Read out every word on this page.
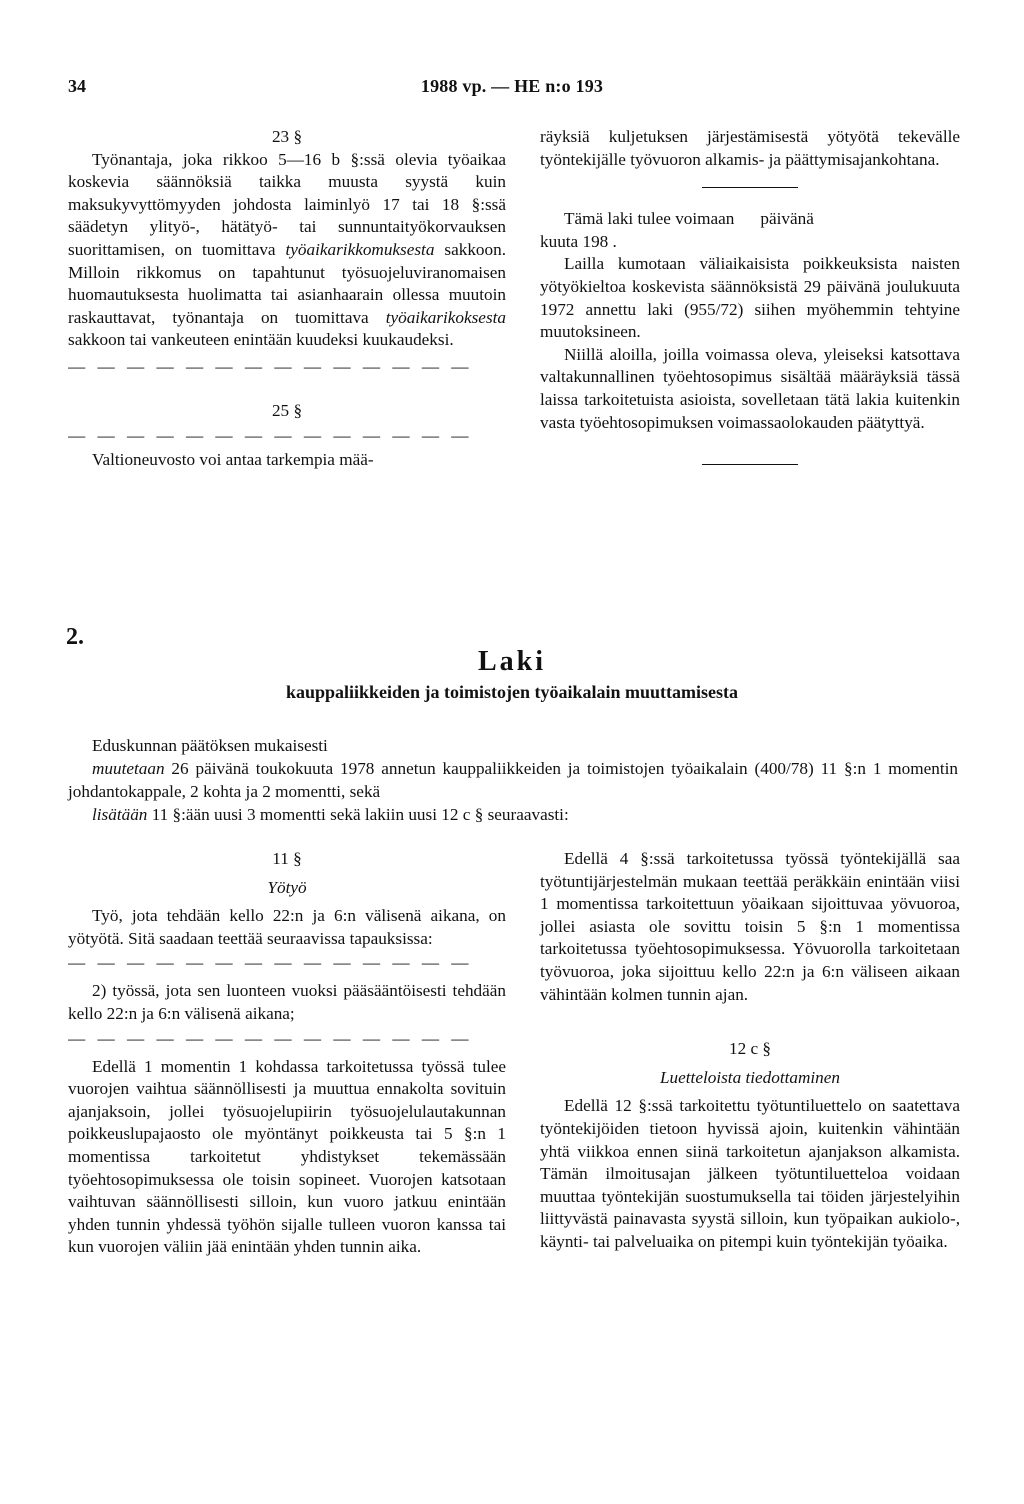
34	1988 vp. — HE n:o 193

23 §

Työnantaja, joka rikkoo 5—16 b §:ssä olevia työaikaa koskevia säännöksiä taikka muusta syystä kuin maksukyvyttömyyden johdosta laiminlyö 17 tai 18 §:ssä säädetyn ylityö-, hätätyö- tai sunnuntaityökorvauksen suorittamisen, on tuomittava työaikarikkomuksesta sakkoon. Milloin rikkomus on tapahtunut työsuojeluviranomaisen huomautuksesta huolimatta tai asianhaarain ollessa muutoin raskauttavat, työnantaja on tuomittava työaikarikoksesta sakkoon tai vankeuteen enintään kuudeksi kuukaudeksi.

— — — — — — — — — — — — — —

25 §

— — — — — — — — — — — — — —

Valtioneuvosto voi antaa tarkempia mää-

räyksiä kuljetuksen järjestämisestä yötyötä tekevälle työntekijälle työvuoron alkamis- ja päättymisajankohtana.

Tämä laki tulee voimaan päivänä

kuuta 198 .

Lailla kumotaan väliaikaisista poikkeuksista naisten yötyökieltoa koskevista säännöksistä 29 päivänä joulukuuta 1972 annettu laki (955/72) siihen myöhemmin tehtyine muutoksineen.

Niillä aloilla, joilla voimassa oleva, yleiseksi katsottava valtakunnallinen työehtosopimus sisältää määräyksiä tässä laissa tarkoitetuista asioista, sovelletaan tätä lakia kuitenkin vasta työehtosopimuksen voimassaolokauden päätyttyä.

2.
Laki
kauppaliikkeiden ja toimistojen työaikalain muuttamisesta

Eduskunnan päätöksen mukaisesti

muutetaan 26 päivänä toukokuuta 1978 annetun kauppaliikkeiden ja toimistojen työaikalain (400/78) 11 §:n 1 momentin johdantokappale, 2 kohta ja 2 momentti, sekä

lisätään 11 §:ään uusi 3 momentti sekä lakiin uusi 12 c § seuraavasti:

11 §

Yötyö

Työ, jota tehdään kello 22:n ja 6:n välisenä aikana, on yötyötä. Sitä saadaan teettää seuraavissa tapauksissa:

— — — — — — — — — — — — — —

2) työssä, jota sen luonteen vuoksi pääsääntöisesti tehdään kello 22:n ja 6:n välisenä aikana;

— — — — — — — — — — — — — —

Edellä 1 momentin 1 kohdassa tarkoitetussa työssä tulee vuorojen vaihtua säännöllisesti ja muuttua ennakolta sovituin ajanjaksoin, jollei työsuojelupiirin työsuojelulautakunnan poikkeuslupajaosto ole myöntänyt poikkeusta tai 5 §:n 1 momentissa tarkoitetut yhdistykset tekemässään työehtosopimuksessa ole toisin sopineet. Vuorojen katsotaan vaihtuvan säännöllisesti silloin, kun vuoro jatkuu enintään yhden tunnin yhdessä työhön sijalle tulleen vuoron kanssa tai kun vuorojen väliin jää enintään yhden tunnin aika.

Edellä 4 §:ssä tarkoitetussa työssä työntekijällä saa työtuntijärjestelmän mukaan teettää peräkkäin enintään viisi 1 momentissa tarkoitettuun yöaikaan sijoittuvaa yövuoroa, jollei asiasta ole sovittu toisin 5 §:n 1 momentissa tarkoitetussa työehtosopimuksessa. Yövuorolla tarkoitetaan työvuoroa, joka sijoittuu kello 22:n ja 6:n väliseen aikaan vähintään kolmen tunnin ajan.

12 c §

Luetteloista tiedottaminen

Edellä 12 §:ssä tarkoitettu työtuntiluettelo on saatettava työntekijöiden tietoon hyvissä ajoin, kuitenkin vähintään yhtä viikkoa ennen siinä tarkoitetun ajanjakson alkamista. Tämän ilmoitusajan jälkeen työtuntiluetteloa voidaan muuttaa työntekijän suostumuksella tai töiden järjestelyihin liittyvästä painavasta syystä silloin, kun työpaikan aukiolo-, käynti- tai palveluaika on pitempi kuin työntekijän työaika.
